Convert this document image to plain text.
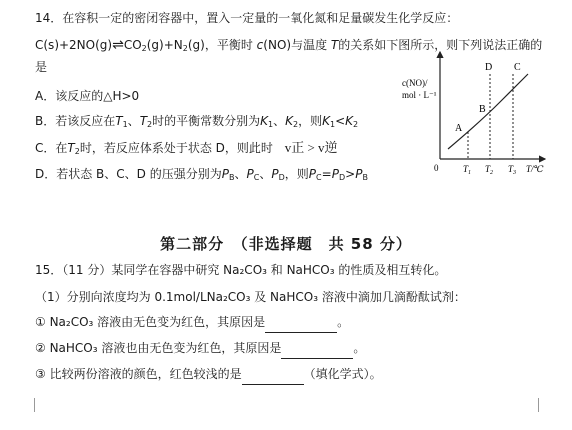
14．在容积一定的密闭容器中，置入一定量的一氧化氮和足量碳发生化学反应：
$C(s)+2NO(g)\rightleftharpoons CO_2(g)+N_2(g)$，平衡时 c(NO)与温度 T的关系如下图所示，则下列说法正确的
是
A．该反应的△H>0
B．若该反应在$T_1$、$T_2$时的平衡常数分别为$K_1$、$K_2$，则$K_1<K_2$
C．在$T_2$时，若反应体系处于状态 D，则此时 v正 > v逆
D．若状态 B、C、D 的压强分别为$P_B$、$P_C$、$P_D$，则$P_C=P_D>P_B$
c(NO)/
mol · L⁻¹
0
A
B
C
D
$T_1$ $T_2$ $T_3$ T/℃
第二部分　（非选择题　共 58 分）
15．（11 分）某同学在容器中研究 Na₂CO₃ 和 NaHCO₃ 的性质及相互转化。
（1）分别向浓度均为 0.1mol/LNa₂CO₃ 及 NaHCO₃ 溶液中滴加几滴酚酞试剂：
① Na₂CO₃ 溶液由无色变为红色，其原因是	。
② NaHCO₃ 溶液也由无色变为红色，其原因是	。
③ 比较两份溶液的颜色，红色较浅的是	（填化学式）。
